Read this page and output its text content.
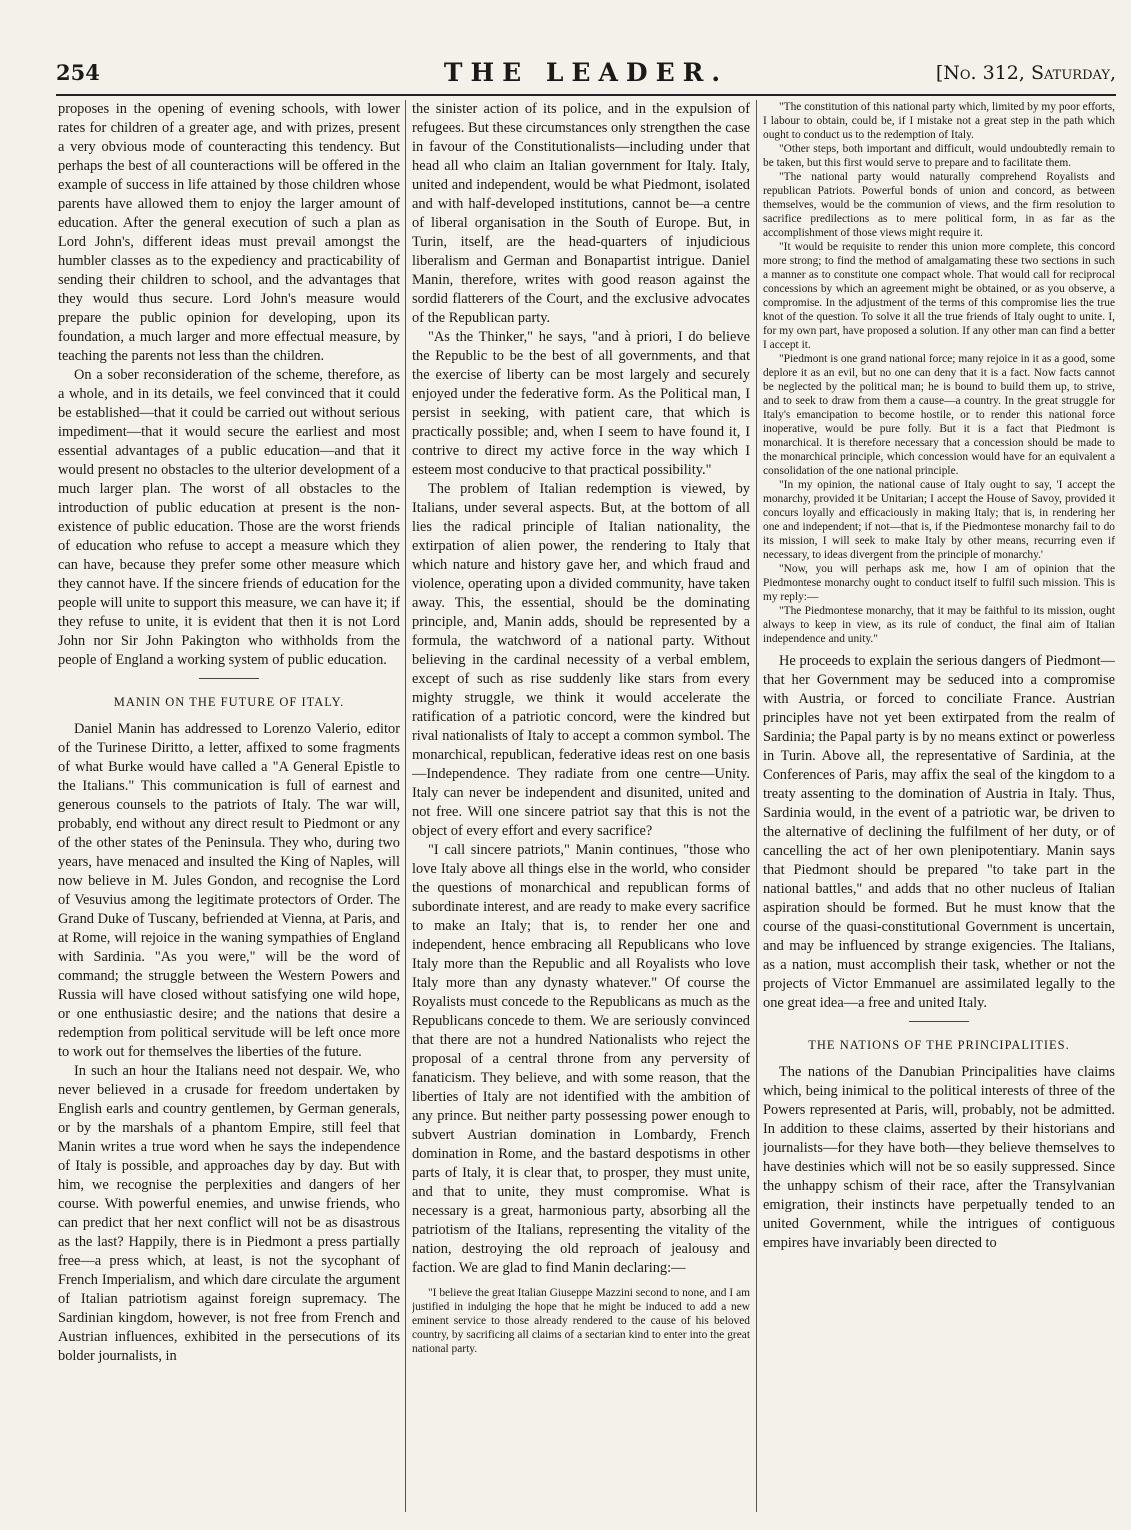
254	THE LEADER.	[No. 312, Saturday,

proposes in the opening of evening schools, with lower rates for children of a greater age, and with prizes, present a very obvious mode of counteracting this tendency. But perhaps the best of all counteractions will be offered in the example of success in life attained by those children whose parents have allowed them to enjoy the larger amount of education. After the general execution of such a plan as Lord John's, different ideas must prevail amongst the humbler classes as to the expediency and practicability of sending their children to school, and the advantages that they would thus secure. Lord John's measure would prepare the public opinion for developing, upon its foundation, a much larger and more effectual measure, by teaching the parents not less than the children.

On a sober reconsideration of the scheme, therefore, as a whole, and in its details, we feel convinced that it could be established—that it could be carried out without serious impediment—that it would secure the earliest and most essential advantages of a public education—and that it would present no obstacles to the ulterior development of a much larger plan. The worst of all obstacles to the introduction of public education at present is the non-existence of public education. Those are the worst friends of education who refuse to accept a measure which they can have, because they prefer some other measure which they cannot have. If the sincere friends of education for the people will unite to support this measure, we can have it; if they refuse to unite, it is evident that then it is not Lord John nor Sir John Pakington who withholds from the people of England a working system of public education.

MANIN ON THE FUTURE OF ITALY.

Daniel Manin has addressed to Lorenzo Valerio, editor of the Turinese Diritto, a letter, affixed to some fragments of what Burke would have called a "A General Epistle to the Italians." This communication is full of earnest and generous counsels to the patriots of Italy. The war will, probably, end without any direct result to Piedmont or any of the other states of the Peninsula. They who, during two years, have menaced and insulted the King of Naples, will now believe in M. Jules Gondon, and recognise the Lord of Vesuvius among the legitimate protectors of Order. The Grand Duke of Tuscany, befriended at Vienna, at Paris, and at Rome, will rejoice in the waning sympathies of England with Sardinia. "As you were," will be the word of command; the struggle between the Western Powers and Russia will have closed without satisfying one wild hope, or one enthusiastic desire; and the nations that desire a redemption from political servitude will be left once more to work out for themselves the liberties of the future.

In such an hour the Italians need not despair. We, who never believed in a crusade for freedom undertaken by English earls and country gentlemen, by German generals, or by the marshals of a phantom Empire, still feel that Manin writes a true word when he says the independence of Italy is possible, and approaches day by day. But with him, we recognise the perplexities and dangers of her course. With powerful enemies, and unwise friends, who can predict that her next conflict will not be as disastrous as the last? Happily, there is in Piedmont a press partially free—a press which, at least, is not the sycophant of French Imperialism, and which dare circulate the argument of Italian patriotism against foreign supremacy. The Sardinian kingdom, however, is not free from French and Austrian influences, exhibited in the persecutions of its bolder journalists, in

the sinister action of its police, and in the expulsion of refugees. But these circumstances only strengthen the case in favour of the Constitutionalists—including under that head all who claim an Italian government for Italy. Italy, united and independent, would be what Piedmont, isolated and with half-developed institutions, cannot be—a centre of liberal organisation in the South of Europe. But, in Turin, itself, are the head-quarters of injudicious liberalism and German and Bonapartist intrigue. Daniel Manin, therefore, writes with good reason against the sordid flatterers of the Court, and the exclusive advocates of the Republican party.

"As the Thinker," he says, "and à priori, I do believe the Republic to be the best of all governments, and that the exercise of liberty can be most largely and securely enjoyed under the federative form. As the Political man, I persist in seeking, with patient care, that which is practically possible; and, when I seem to have found it, I contrive to direct my active force in the way which I esteem most conducive to that practical possibility."

The problem of Italian redemption is viewed, by Italians, under several aspects. But, at the bottom of all lies the radical principle of Italian nationality, the extirpation of alien power, the rendering to Italy that which nature and history gave her, and which fraud and violence, operating upon a divided community, have taken away. This, the essential, should be the dominating principle, and, Manin adds, should be represented by a formula, the watchword of a national party. Without believing in the cardinal necessity of a verbal emblem, except of such as rise suddenly like stars from every mighty struggle, we think it would accelerate the ratification of a patriotic concord, were the kindred but rival nationalists of Italy to accept a common symbol. The monarchical, republican, federative ideas rest on one basis—Independence. They radiate from one centre—Unity. Italy can never be independent and disunited, united and not free. Will one sincere patriot say that this is not the object of every effort and every sacrifice?

"I call sincere patriots," Manin continues, "those who love Italy above all things else in the world, who consider the questions of monarchical and republican forms of subordinate interest, and are ready to make every sacrifice to make an Italy; that is, to render her one and independent, hence embracing all Republicans who love Italy more than the Republic and all Royalists who love Italy more than any dynasty whatever." Of course the Royalists must concede to the Republicans as much as the Republicans concede to them. We are seriously convinced that there are not a hundred Nationalists who reject the proposal of a central throne from any perversity of fanaticism. They believe, and with some reason, that the liberties of Italy are not identified with the ambition of any prince. But neither party possessing power enough to subvert Austrian domination in Lombardy, French domination in Rome, and the bastard despotisms in other parts of Italy, it is clear that, to prosper, they must unite, and that to unite, they must compromise. What is necessary is a great, harmonious party, absorbing all the patriotism of the Italians, representing the vitality of the nation, destroying the old reproach of jealousy and faction. We are glad to find Manin declaring:—

"I believe the great Italian Giuseppe Mazzini second to none, and I am justified in indulging the hope that he might be induced to add a new eminent service to those already rendered to the cause of his beloved country, by sacrificing all claims of a sectarian kind to enter into the great national party.

"The constitution of this national party which, limited by my poor efforts, I labour to obtain, could be, if I mistake not a great step in the path which ought to conduct us to the redemption of Italy.

"Other steps, both important and difficult, would undoubtedly remain to be taken, but this first would serve to prepare and to facilitate them.

"The national party would naturally comprehend Royalists and republican Patriots. Powerful bonds of union and concord, as between themselves, would be the communion of views, and the firm resolution to sacrifice predilections as to mere political form, in as far as the accomplishment of those views might require it.

"It would be requisite to render this union more complete, this concord more strong; to find the method of amalgamating these two sections in such a manner as to constitute one compact whole. That would call for reciprocal concessions by which an agreement might be obtained, or as you observe, a compromise. In the adjustment of the terms of this compromise lies the true knot of the question. To solve it all the true friends of Italy ought to unite. I, for my own part, have proposed a solution. If any other man can find a better I accept it.

"Piedmont is one grand national force; many rejoice in it as a good, some deplore it as an evil, but no one can deny that it is a fact. Now facts cannot be neglected by the political man; he is bound to build them up, to strive, and to seek to draw from them a cause—a country. In the great struggle for Italy's emancipation to become hostile, or to render this national force inoperative, would be pure folly. But it is a fact that Piedmont is monarchical. It is therefore necessary that a concession should be made to the monarchical principle, which concession would have for an equivalent a consolidation of the one national principle.

"In my opinion, the national cause of Italy ought to say, 'I accept the monarchy, provided it be Unitarian; I accept the House of Savoy, provided it concurs loyally and efficaciously in making Italy; that is, in rendering her one and independent; if not—that is, if the Piedmontese monarchy fail to do its mission, I will seek to make Italy by other means, recurring even if necessary, to ideas divergent from the principle of monarchy.'

"Now, you will perhaps ask me, how I am of opinion that the Piedmontese monarchy ought to conduct itself to fulfil such mission. This is my reply:—

"The Piedmontese monarchy, that it may be faithful to its mission, ought always to keep in view, as its rule of conduct, the final aim of Italian independence and unity."

He proceeds to explain the serious dangers of Piedmont—that her Government may be seduced into a compromise with Austria, or forced to conciliate France. Austrian principles have not yet been extirpated from the realm of Sardinia; the Papal party is by no means extinct or powerless in Turin. Above all, the representative of Sardinia, at the Conferences of Paris, may affix the seal of the kingdom to a treaty assenting to the domination of Austria in Italy. Thus, Sardinia would, in the event of a patriotic war, be driven to the alternative of declining the fulfilment of her duty, or of cancelling the act of her own plenipotentiary. Manin says that Piedmont should be prepared "to take part in the national battles," and adds that no other nucleus of Italian aspiration should be formed. But he must know that the course of the quasi-constitutional Government is uncertain, and may be influenced by strange exigencies. The Italians, as a nation, must accomplish their task, whether or not the projects of Victor Emmanuel are assimilated legally to the one great idea—a free and united Italy.

THE NATIONS OF THE PRINCIPALITIES.

The nations of the Danubian Principalities have claims which, being inimical to the political interests of three of the Powers represented at Paris, will, probably, not be admitted. In addition to these claims, asserted by their historians and journalists—for they have both—they believe themselves to have destinies which will not be so easily suppressed. Since the unhappy schism of their race, after the Transylvanian emigration, their instincts have perpetually tended to an united Government, while the intrigues of contiguous empires have invariably been directed to
